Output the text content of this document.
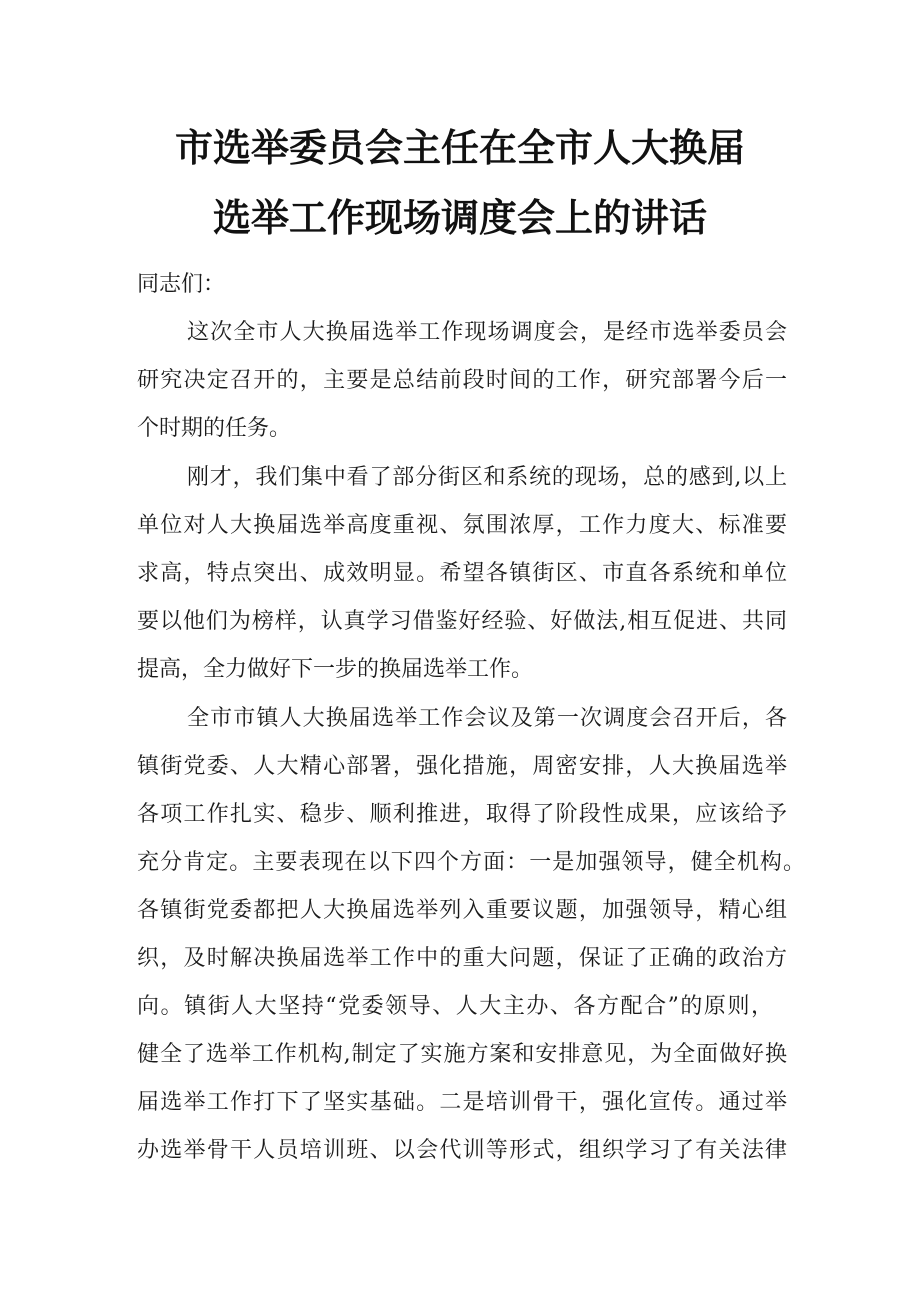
市选举委员会主任在全市人大换届
选举工作现场调度会上的讲话
同志们：
这次全市人大换届选举工作现场调度会，是经市选举委员会
研究决定召开的，主要是总结前段时间的工作，研究部署今后一
个时期的任务。
刚才，我们集中看了部分街区和系统的现场，总的感到,以上
单位对人大换届选举高度重视、氛围浓厚，工作力度大、标准要
求高，特点突出、成效明显。希望各镇街区、市直各系统和单位
要以他们为榜样，认真学习借鉴好经验、好做法,相互促进、共同
提高，全力做好下一步的换届选举工作。
全市市镇人大换届选举工作会议及第一次调度会召开后，各
镇街党委、人大精心部署，强化措施，周密安排，人大换届选举
各项工作扎实、稳步、顺利推进，取得了阶段性成果，应该给予
充分肯定。主要表现在以下四个方面：一是加强领导，健全机构。
各镇街党委都把人大换届选举列入重要议题，加强领导，精心组
织，及时解决换届选举工作中的重大问题，保证了正确的政治方
向。镇街人大坚持“党委领导、人大主办、各方配合”的原则，
健全了选举工作机构,制定了实施方案和安排意见，为全面做好换
届选举工作打下了坚实基础。二是培训骨干，强化宣传。通过举
办选举骨干人员培训班、以会代训等形式，组织学习了有关法律
